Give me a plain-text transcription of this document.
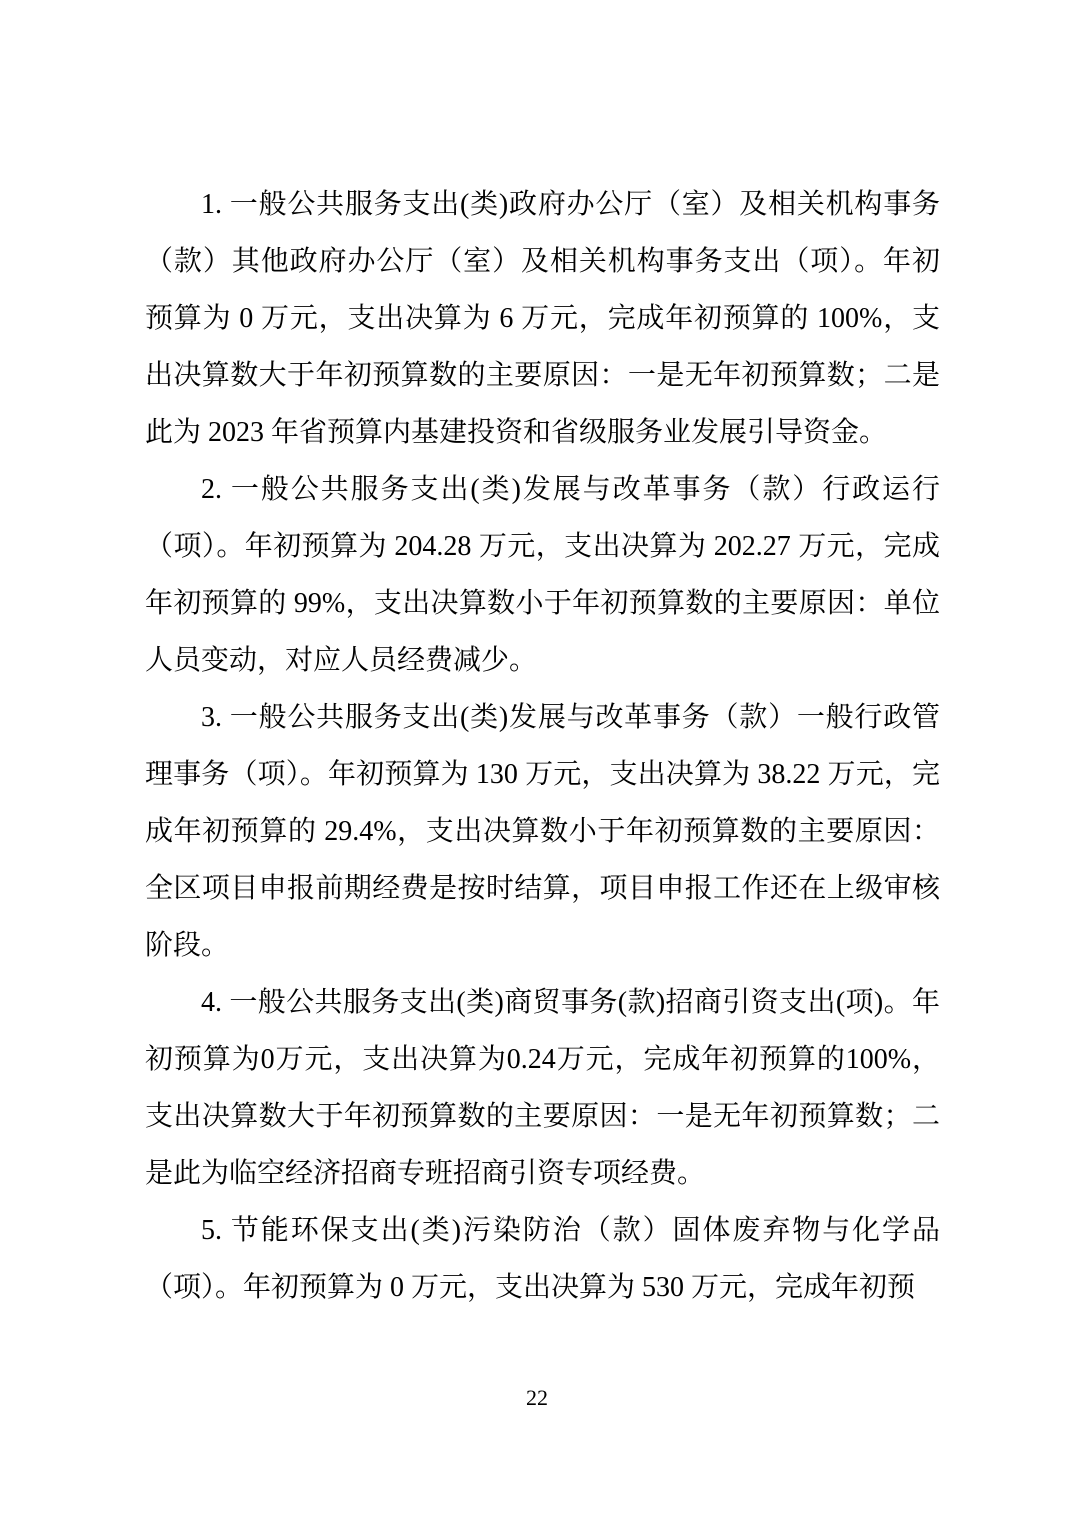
1. 一般公共服务支出(类)政府办公厅（室）及相关机构事务（款）其他政府办公厅（室）及相关机构事务支出（项）。年初预算为 0 万元，支出决算为 6 万元，完成年初预算的 100%，支出决算数大于年初预算数的主要原因：一是无年初预算数；二是此为 2023 年省预算内基建投资和省级服务业发展引导资金。

2. 一般公共服务支出(类)发展与改革事务（款）行政运行（项）。年初预算为 204.28 万元，支出决算为 202.27 万元，完成年初预算的 99%，支出决算数小于年初预算数的主要原因：单位人员变动，对应人员经费减少。

3. 一般公共服务支出(类)发展与改革事务（款）一般行政管理事务（项）。年初预算为 130 万元，支出决算为 38.22 万元，完成年初预算的 29.4%，支出决算数小于年初预算数的主要原因：全区项目申报前期经费是按时结算，项目申报工作还在上级审核阶段。

4. 一般公共服务支出(类)商贸事务(款)招商引资支出(项)。年初预算为0万元，支出决算为0.24万元，完成年初预算的100%，支出决算数大于年初预算数的主要原因：一是无年初预算数；二是此为临空经济招商专班招商引资专项经费。

5. 节能环保支出(类)污染防治（款）固体废弃物与化学品（项）。年初预算为 0 万元，支出决算为 530 万元，完成年初预

22
